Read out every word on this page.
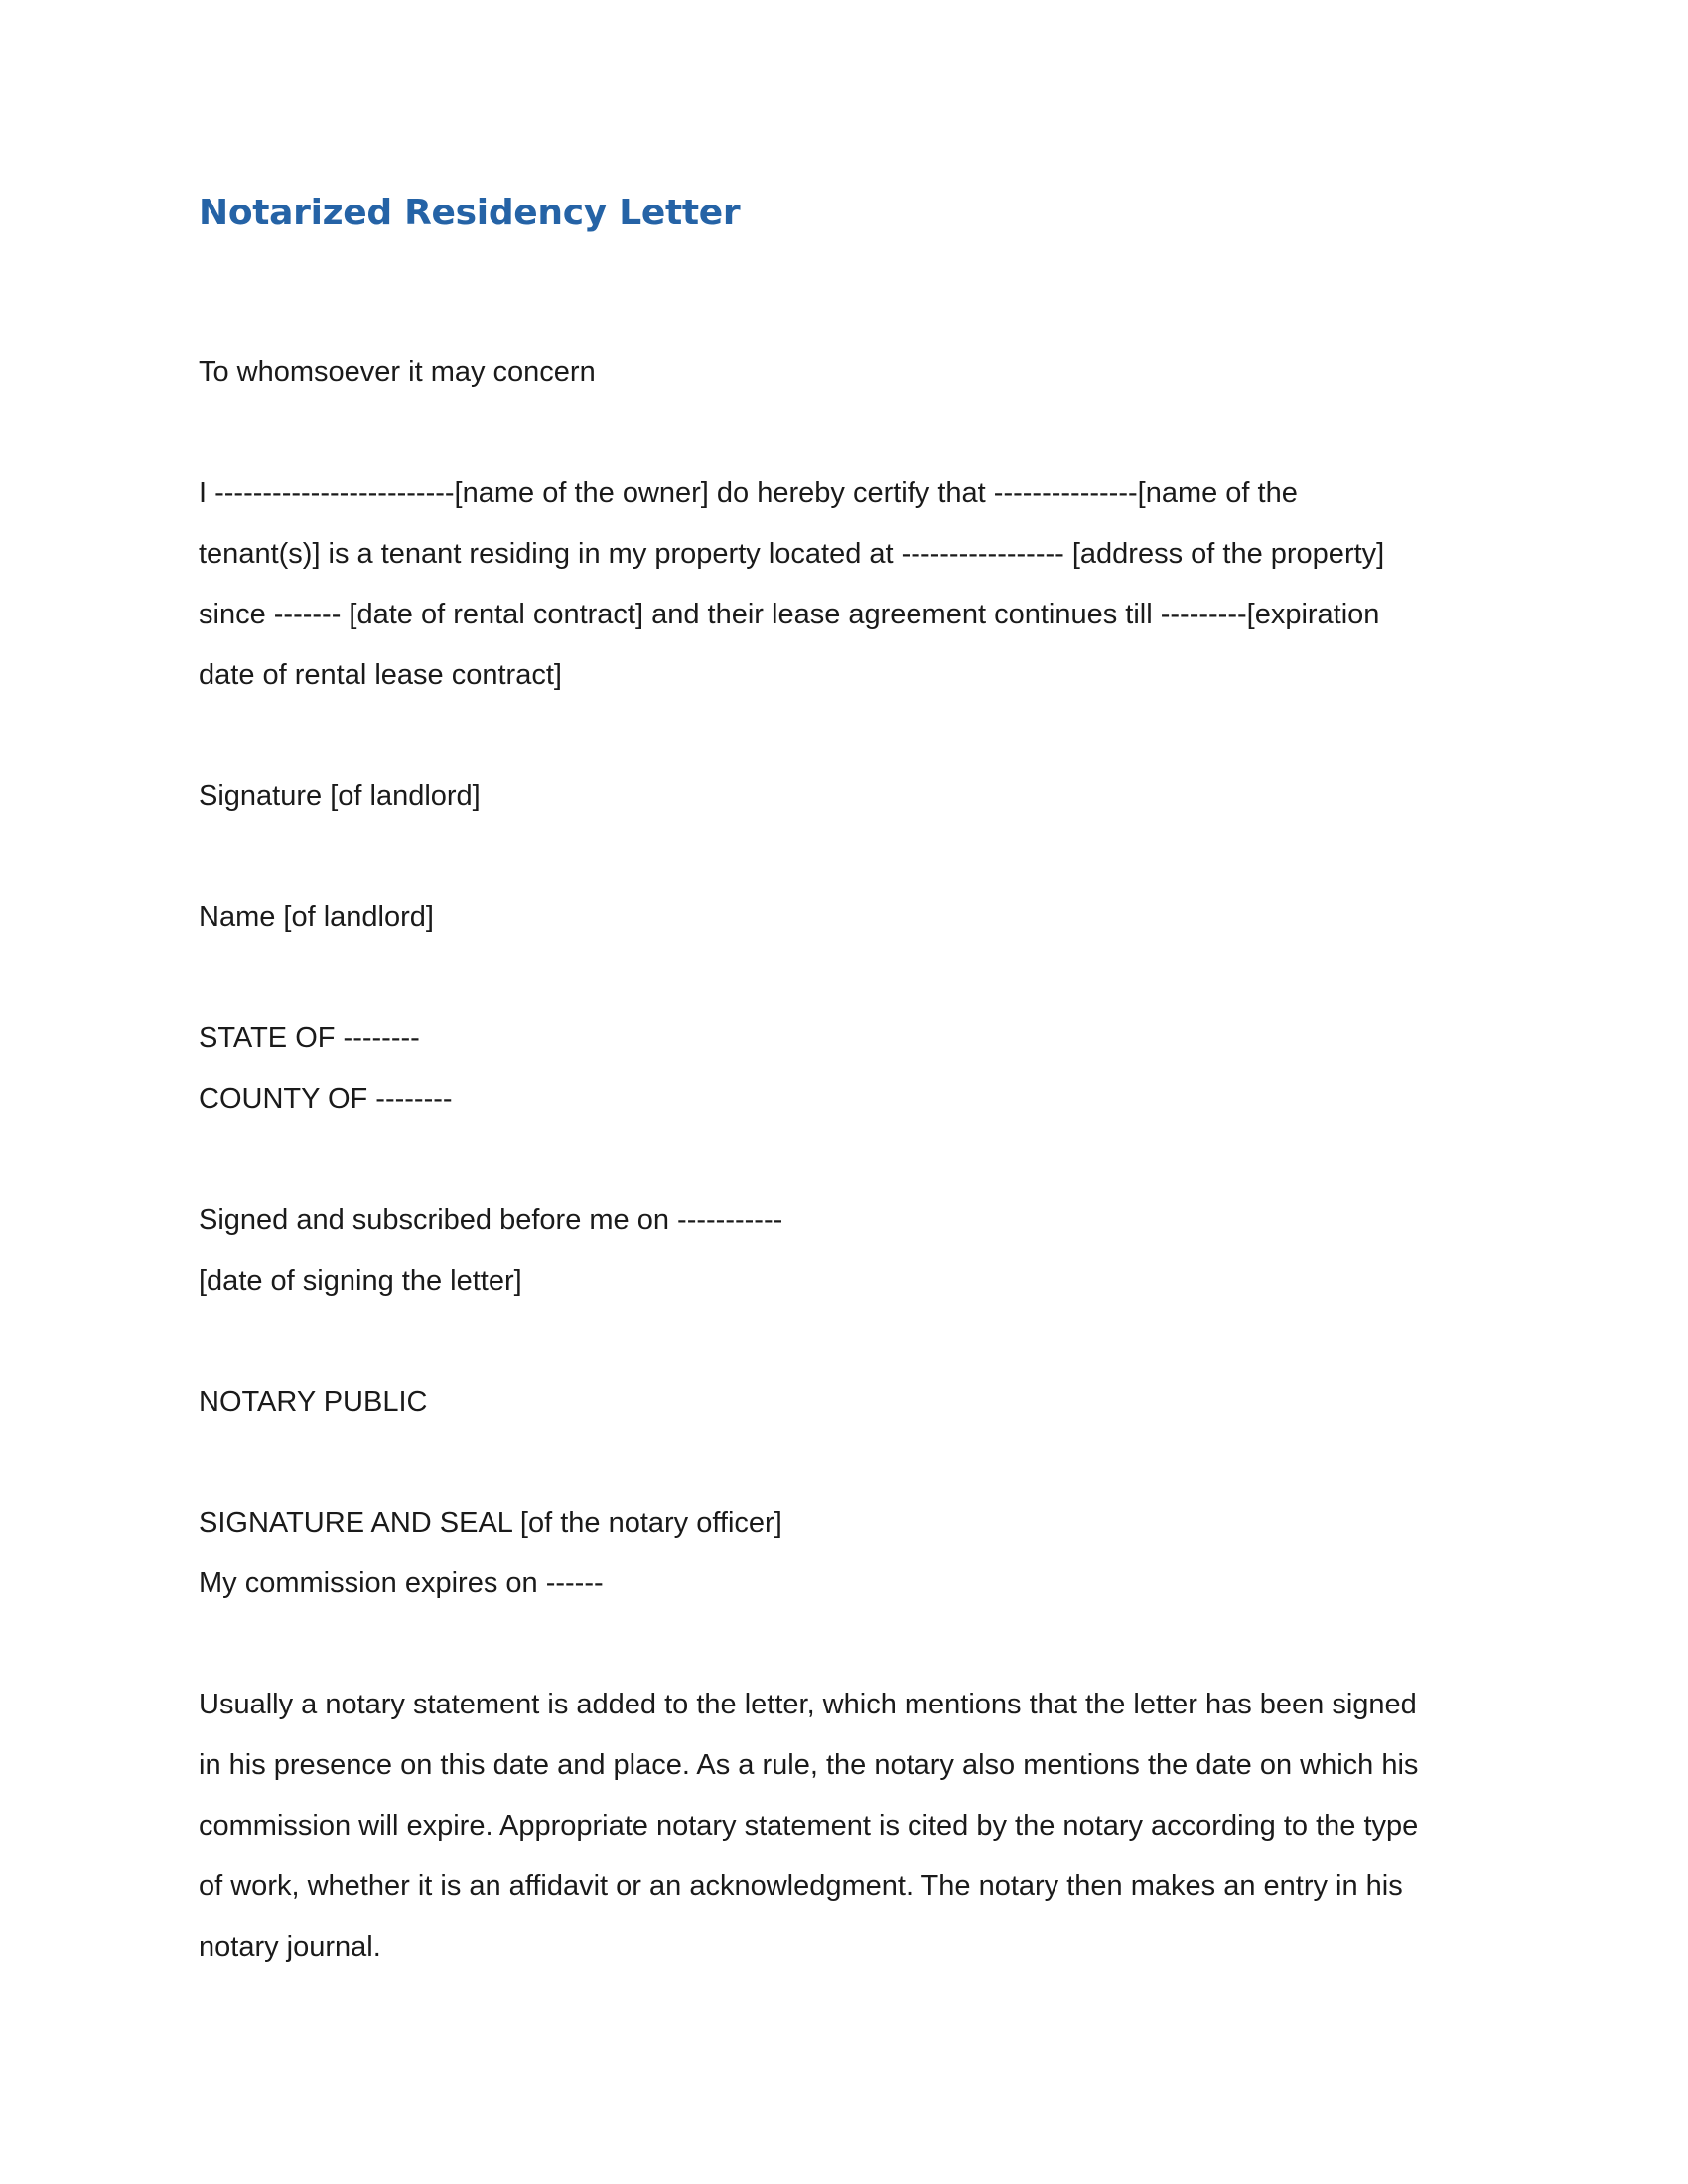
Notarized Residency Letter

To whomsoever it may concern

I -------------------------[name of the owner] do hereby certify that ---------------[name of the

tenant(s)] is a tenant residing in my property located at ----------------- [address of the property]

since ------- [date of rental contract] and their lease agreement continues till ---------[expiration

date of rental lease contract]

Signature [of landlord]

Name [of landlord]

STATE OF --------

COUNTY OF --------

Signed and subscribed before me on -----------

[date of signing the letter]

NOTARY PUBLIC

SIGNATURE AND SEAL [of the notary officer]

My commission expires on ------

Usually a notary statement is added to the letter, which mentions that the letter has been signed

in his presence on this date and place. As a rule, the notary also mentions the date on which his

commission will expire. Appropriate notary statement is cited by the notary according to the type

of work, whether it is an affidavit or an acknowledgment. The notary then makes an entry in his

notary journal.
